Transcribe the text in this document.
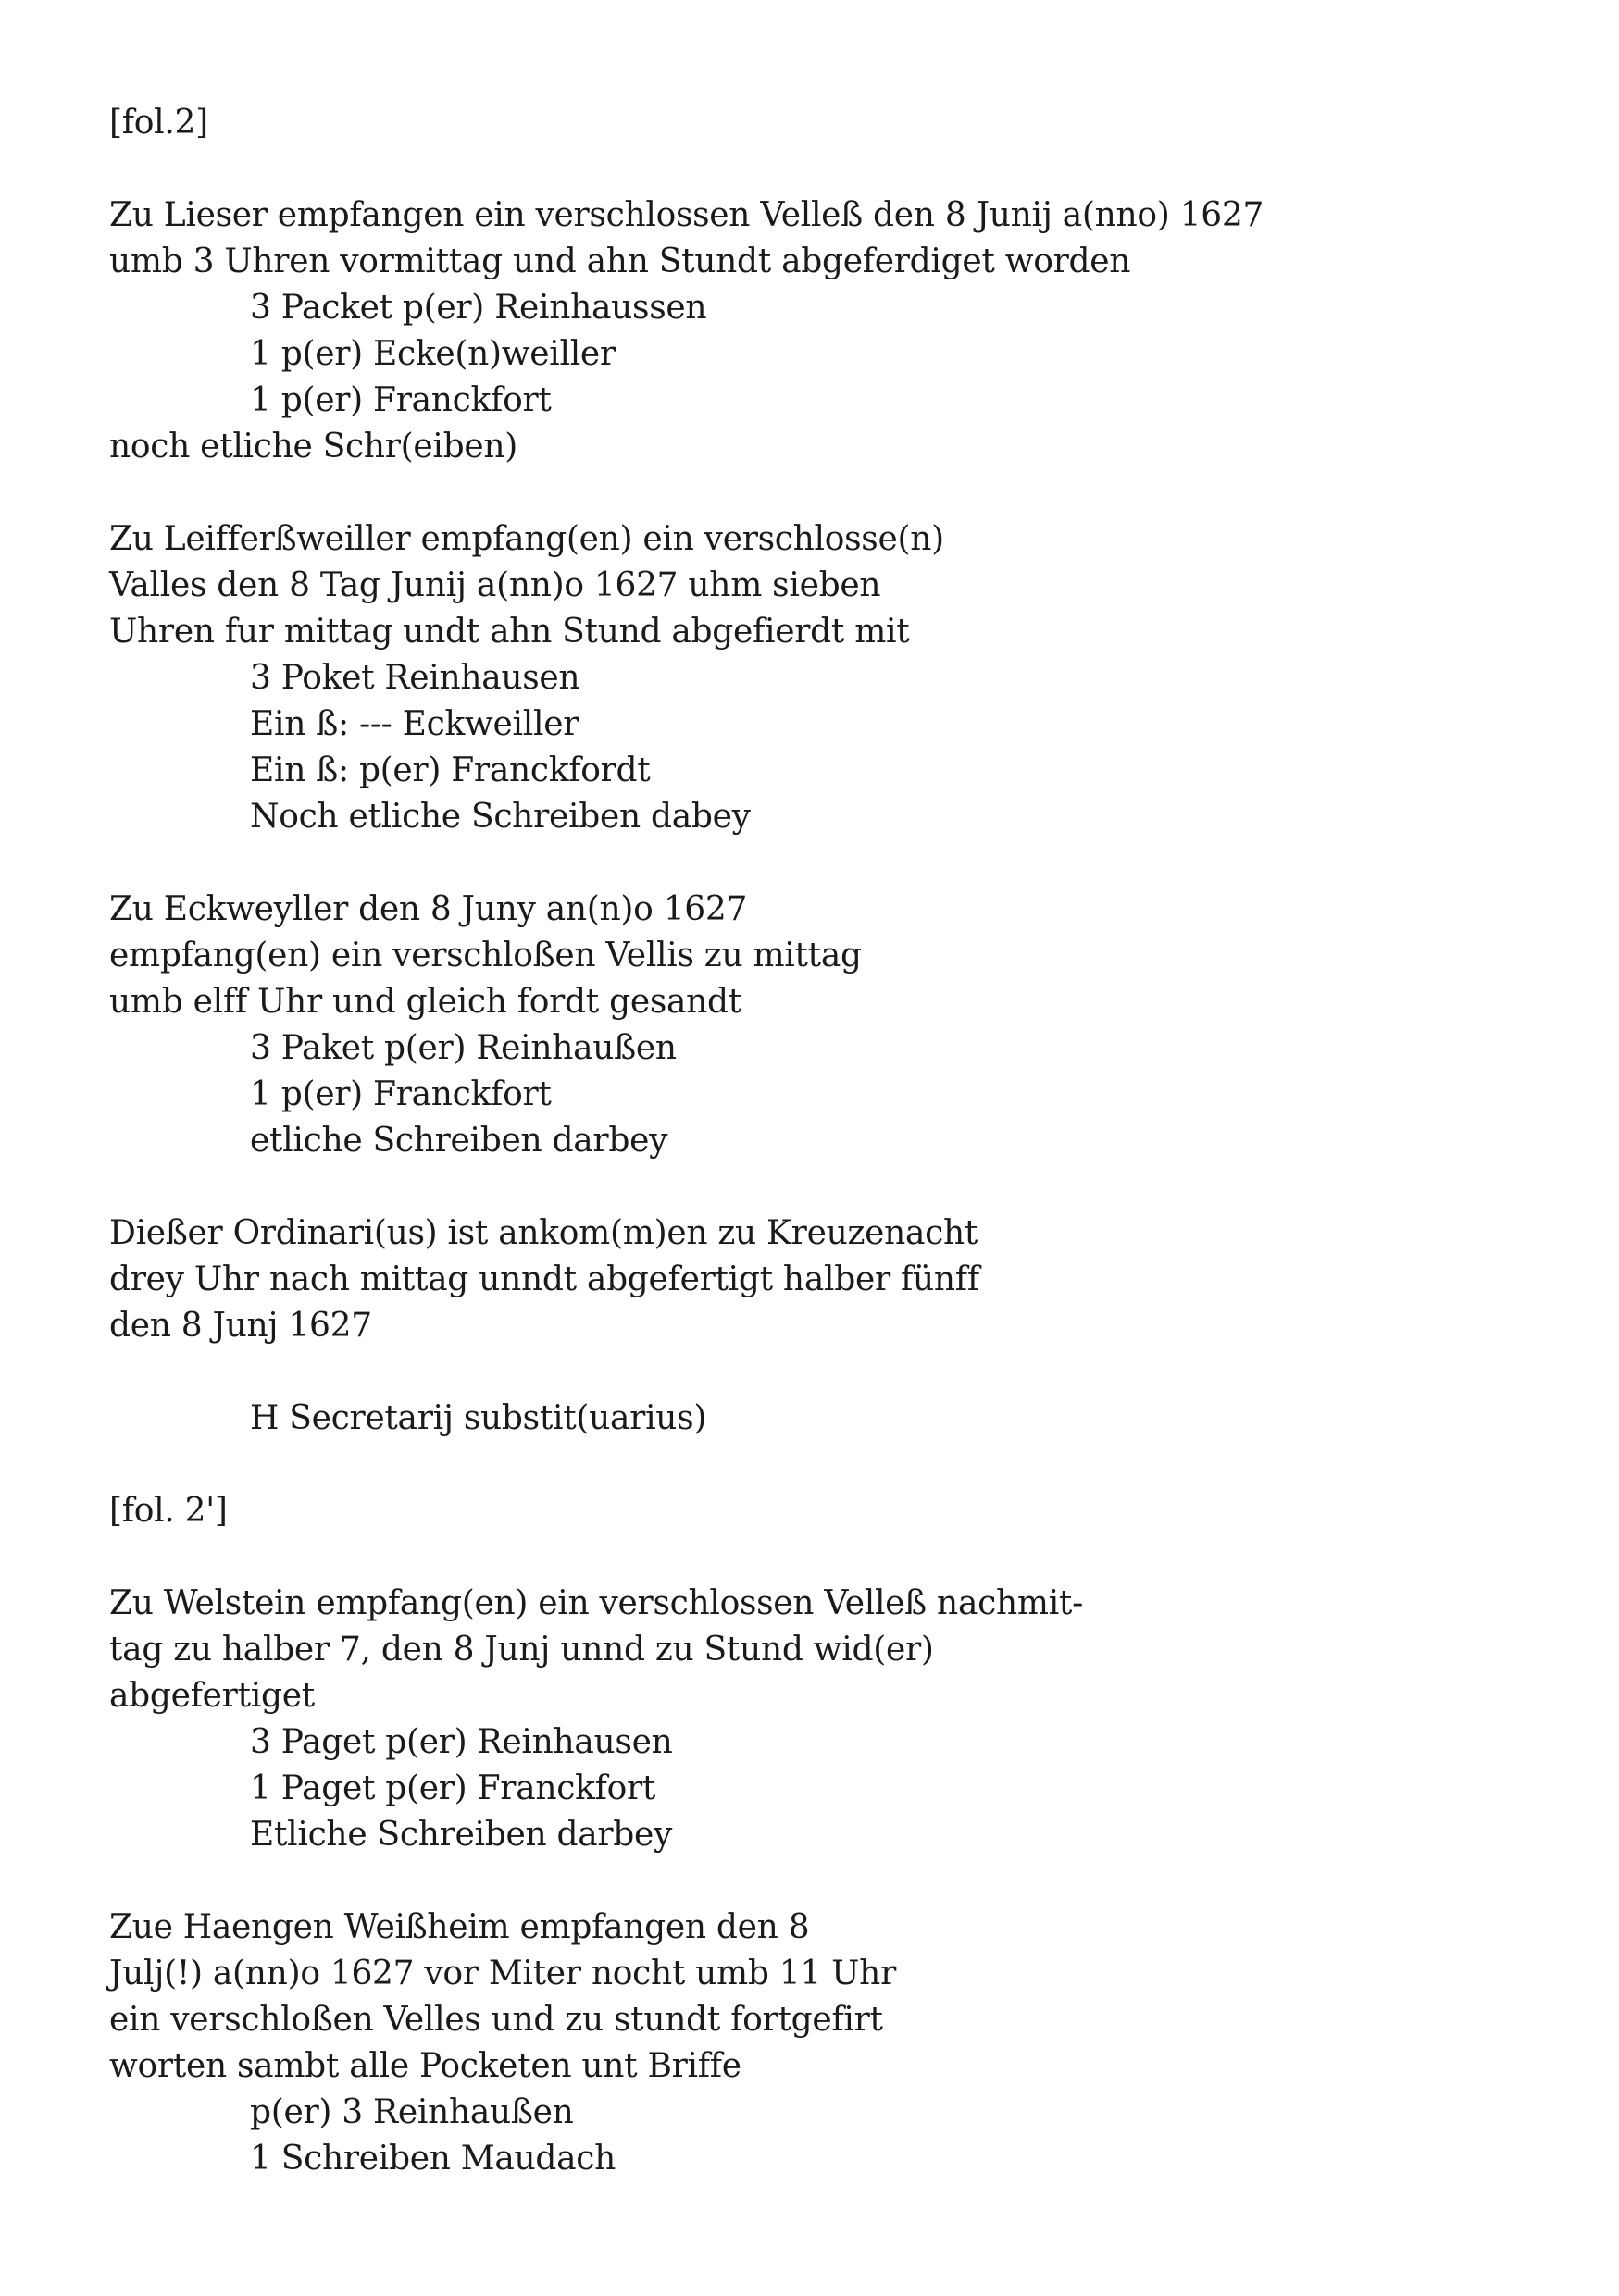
[fol.2]
Zu Lieser empfangen ein verschlossen Velleß den 8 Junij a(nno) 1627
umb 3 Uhren vormittag und ahn Stundt abgeferdiget worden
3 Packet p(er) Reinhaussen
1 p(er) Ecke(n)weiller
1 p(er) Franckfort
noch etliche Schr(eiben)
Zu Leifferßweiller empfang(en) ein verschlosse(n)
Valles den 8 Tag Junij a(nn)o 1627 uhm sieben
Uhren fur mittag undt ahn Stund abgefierdt mit
3 Poket Reinhausen
Ein ß: --- Eckweiller
Ein ß: p(er) Franckfordt
Noch etliche Schreiben dabey
Zu Eckweyller den 8 Juny an(n)o 1627
empfang(en) ein verschloßen Vellis zu mittag
umb elff Uhr und gleich fordt gesandt
3 Paket p(er) Reinhaußen
1 p(er) Franckfort
etliche Schreiben darbey
Dießer Ordinari(us) ist ankom(m)en zu Kreuzenacht
drey Uhr nach mittag unndt abgefertigt halber fünff
den 8 Junj 1627
H Secretarij substit(uarius)
[fol. 2']
Zu Welstein empfang(en) ein verschlossen Velleß nachmit-
tag zu halber 7, den 8 Junj unnd zu Stund wid(er)
abgefertiget
3 Paget p(er) Reinhausen
1 Paget p(er) Franckfort
Etliche Schreiben darbey
Zue Haengen Weißheim empfangen den 8
Julj(!) a(nn)o 1627 vor Miter nocht umb 11 Uhr
ein verschloßen Velles und zu stundt fortgefirt
worten sambt alle Pocketen unt Briffe
p(er) 3 Reinhaußen
1 Schreiben Maudach
